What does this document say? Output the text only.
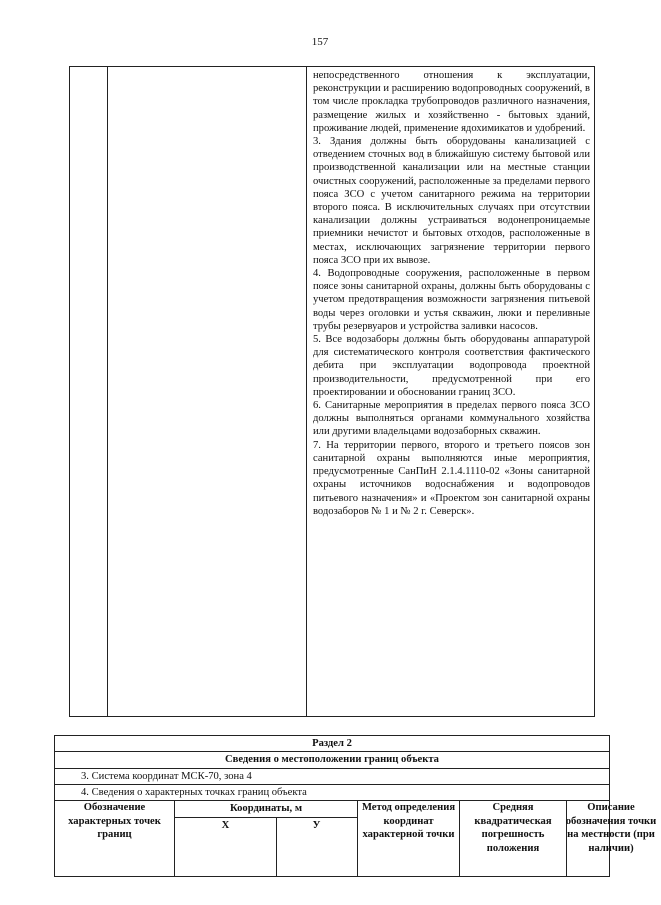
157

непосредственного отношения к эксплуатации, реконструкции и расширению водопроводных сооружений, в том числе прокладка трубопроводов различного назначения, размещение жилых и хозяйственно - бытовых зданий, проживание людей, применение ядохимикатов и удобрений.

3. Здания должны быть оборудованы канализацией с отведением сточных вод в ближайшую систему бытовой или производственной канализации или на местные станции очистных сооружений, расположенные за пределами первого пояса ЗСО с учетом санитарного режима на территории второго пояса. В исключительных случаях при отсутствии канализации должны устраиваться водонепроницаемые приемники нечистот и бытовых отходов, расположенные в местах, исключающих загрязнение территории первого пояса ЗСО при их вывозе.

4. Водопроводные сооружения, расположенные в первом поясе зоны санитарной охраны, должны быть оборудованы с учетом предотвращения возможности загрязнения питьевой воды через оголовки и устья скважин, люки и переливные трубы резервуаров и устройства заливки насосов.

5. Все водозаборы должны быть оборудованы аппаратурой для систематического контроля соответствия фактического дебита при эксплуатации водопровода проектной производительности, предусмотренной при его проектировании и обосновании границ ЗСО.

6. Санитарные мероприятия в пределах первого пояса ЗСО должны выполняться органами коммунального хозяйства или другими владельцами водозаборных скважин.

7. На территории первого, второго и третьего поясов зон санитарной охраны выполняются иные мероприятия, предусмотренные СанПиН 2.1.4.1110-02 «Зоны санитарной охраны источников водоснабжения и водопроводов питьевого назначения» и «Проектом зон санитарной охраны водозаборов № 1 и № 2 г. Северск».

Раздел 2
Сведения о местоположении границ объекта
3. Система координат МСК-70, зона 4
4. Сведения о характерных точках границ объекта
Обозначение характерных точек границ
Координаты, м
Х	У
Метод определения координат характерной точки
Средняя квадратическая погрешность положения
Описание обозначения точки на местности (при наличии)
